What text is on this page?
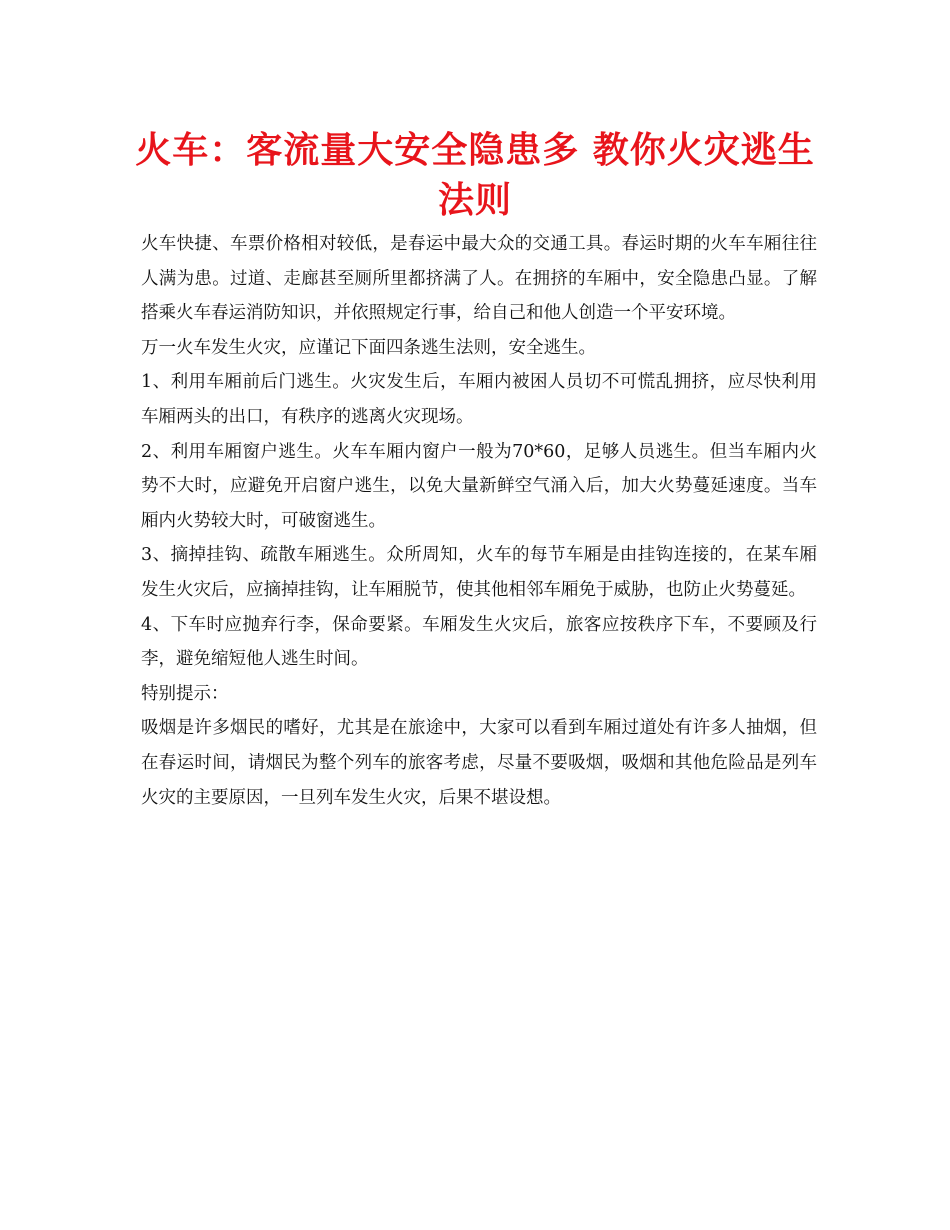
火车：客流量大安全隐患多 教你火灾逃生法则

火车快捷、车票价格相对较低，是春运中最大众的交通工具。春运时期的火车车厢往往人满为患。过道、走廊甚至厕所里都挤满了人。在拥挤的车厢中，安全隐患凸显。了解搭乘火车春运消防知识，并依照规定行事，给自己和他人创造一个平安环境。

万一火车发生火灾，应谨记下面四条逃生法则，安全逃生。

1、利用车厢前后门逃生。火灾发生后，车厢内被困人员切不可慌乱拥挤，应尽快利用车厢两头的出口，有秩序的逃离火灾现场。

2、利用车厢窗户逃生。火车车厢内窗户一般为70*60，足够人员逃生。但当车厢内火势不大时，应避免开启窗户逃生，以免大量新鲜空气涌入后，加大火势蔓延速度。当车厢内火势较大时，可破窗逃生。

3、摘掉挂钩、疏散车厢逃生。众所周知，火车的每节车厢是由挂钩连接的，在某车厢发生火灾后，应摘掉挂钩，让车厢脱节，使其他相邻车厢免于威胁，也防止火势蔓延。

4、下车时应抛弃行李，保命要紧。车厢发生火灾后，旅客应按秩序下车，不要顾及行李，避免缩短他人逃生时间。

特别提示：

吸烟是许多烟民的嗜好，尤其是在旅途中，大家可以看到车厢过道处有许多人抽烟，但在春运时间，请烟民为整个列车的旅客考虑，尽量不要吸烟，吸烟和其他危险品是列车火灾的主要原因，一旦列车发生火灾，后果不堪设想。
